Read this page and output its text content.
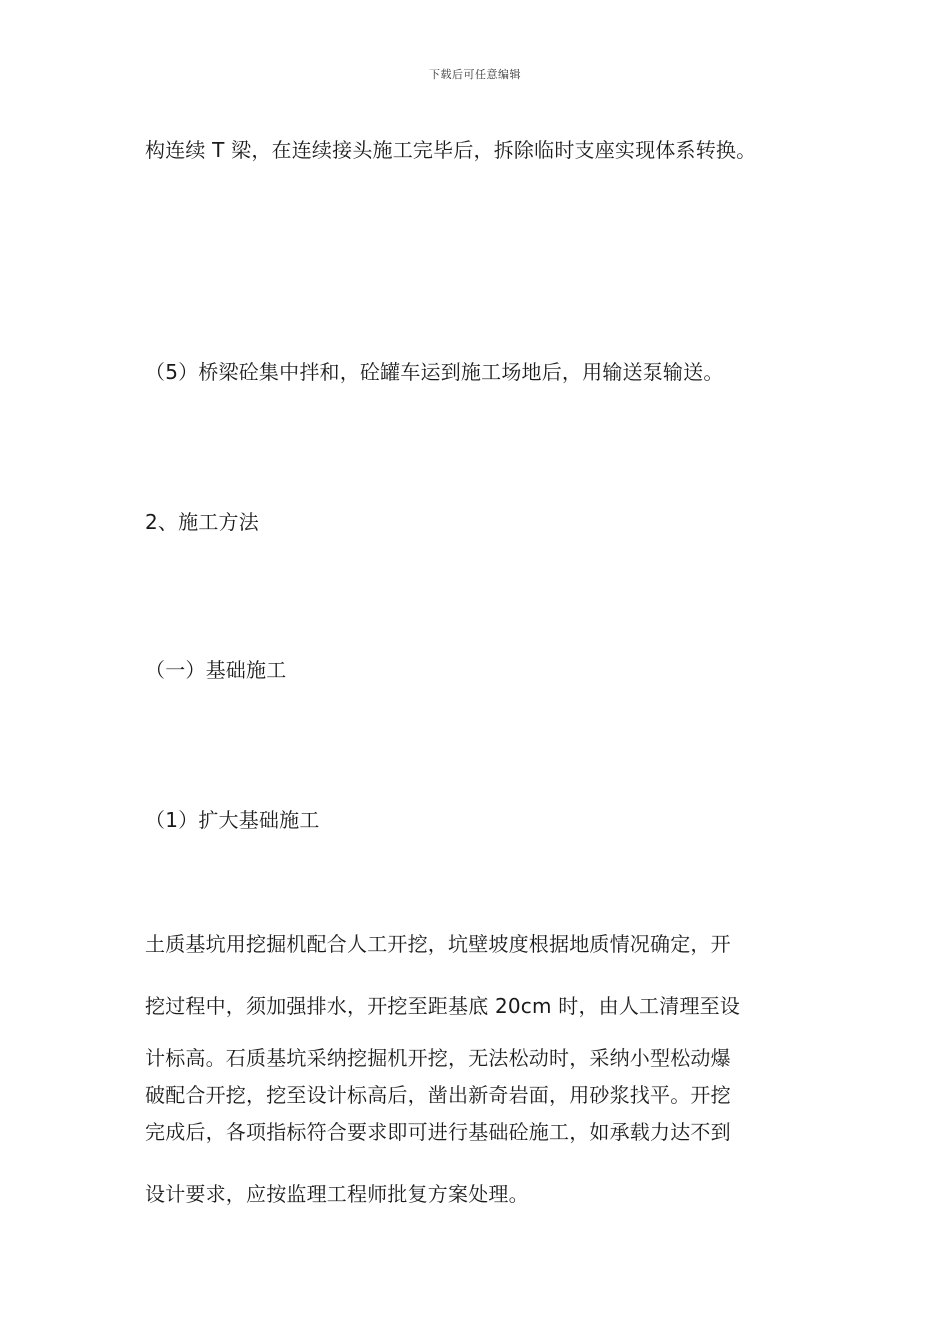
下载后可任意编辑
构连续 T 梁，在连续接头施工完毕后，拆除临时支座实现体系转换。
（5）桥梁砼集中拌和，砼罐车运到施工场地后，用输送泵输送。
2、施工方法
（一）基础施工
（1）扩大基础施工
土质基坑用挖掘机配合人工开挖，坑壁坡度根据地质情况确定，开
挖过程中，须加强排水，开挖至距基底 20cm 时，由人工清理至设
计标高。石质基坑采纳挖掘机开挖，无法松动时，采纳小型松动爆
破配合开挖，挖至设计标高后，凿出新奇岩面，用砂浆找平。开挖
完成后，各项指标符合要求即可进行基础砼施工，如承载力达不到
设计要求，应按监理工程师批复方案处理。
